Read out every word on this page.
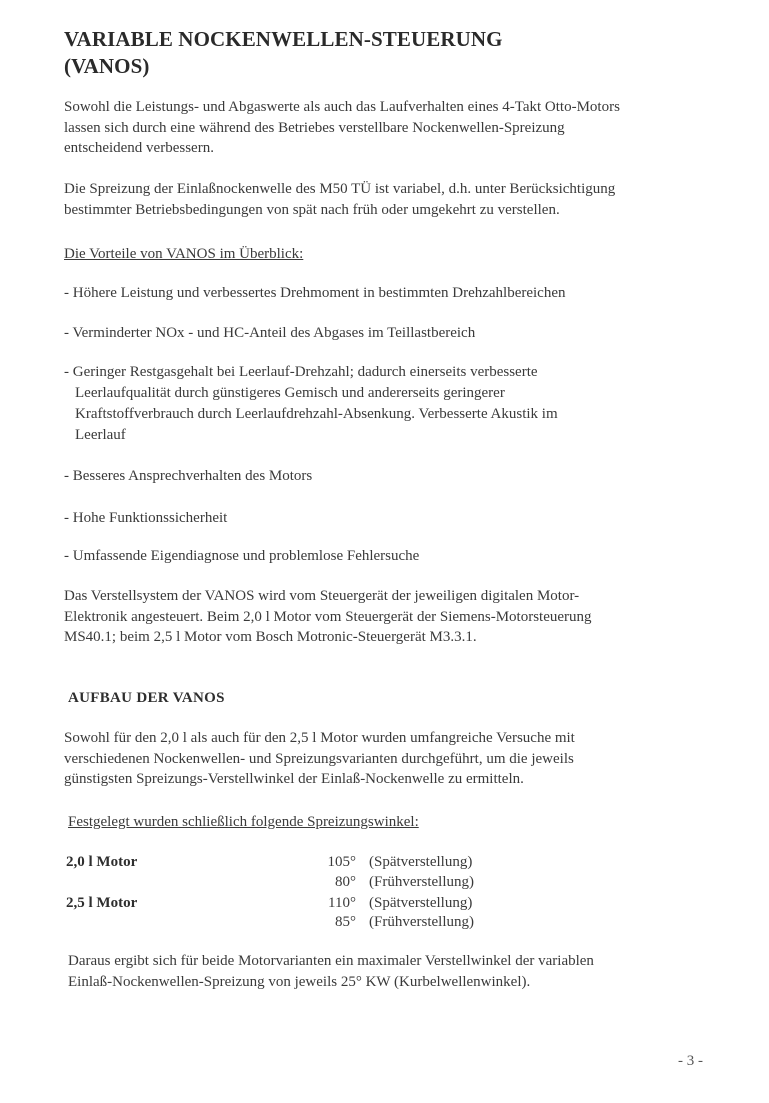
VARIABLE NOCKENWELLEN-STEUERUNG
(VANOS)

Sowohl die Leistungs- und Abgaswerte als auch das Laufverhalten eines 4-Takt Otto-Motors
lassen sich durch eine während des Betriebes verstellbare Nockenwellen-Spreizung
entscheidend verbessern.

Die Spreizung der Einlaßnockenwelle des M50 TÜ ist variabel, d.h. unter Berücksichtigung
bestimmter Betriebsbedingungen von spät nach früh oder umgekehrt zu verstellen.

Die Vorteile von VANOS im Überblick:

- Höhere Leistung und verbessertes Drehmoment in bestimmten Drehzahlbereichen

- Verminderter NOx - und HC-Anteil des Abgases im Teillastbereich

- Geringer Restgasgehalt bei Leerlauf-Drehzahl; dadurch einerseits verbesserte
Leerlaufqualität durch günstigeres Gemisch und andererseits geringerer
Kraftstoffverbrauch durch Leerlaufdrehzahl-Absenkung. Verbesserte Akustik im
Leerlauf

- Besseres Ansprechverhalten des Motors

- Hohe Funktionssicherheit

- Umfassende Eigendiagnose und problemlose Fehlersuche

Das Verstellsystem der VANOS wird vom Steuergerät der jeweiligen digitalen Motor-
Elektronik angesteuert. Beim 2,0 l Motor vom Steuergerät der Siemens-Motorsteuerung
MS40.1; beim 2,5 l Motor vom Bosch Motronic-Steuergerät M3.3.1.

AUFBAU DER VANOS

Sowohl für den 2,0 l als auch für den 2,5 l Motor wurden umfangreiche Versuche mit
verschiedenen Nockenwellen- und Spreizungsvarianten durchgeführt, um die jeweils
günstigsten Spreizungs-Verstellwinkel der Einlaß-Nockenwelle zu ermitteln.

Festgelegt wurden schließlich folgende Spreizungswinkel:

2,0 l Motor	105° (Spätverstellung)
80° (Frühverstellung)
2,5 l Motor	110° (Spätverstellung)
85° (Frühverstellung)

Daraus ergibt sich für beide Motorvarianten ein maximaler Verstellwinkel der variablen
Einlaß-Nockenwellen-Spreizung von jeweils 25° KW (Kurbelwellenwinkel).

- 3 -
